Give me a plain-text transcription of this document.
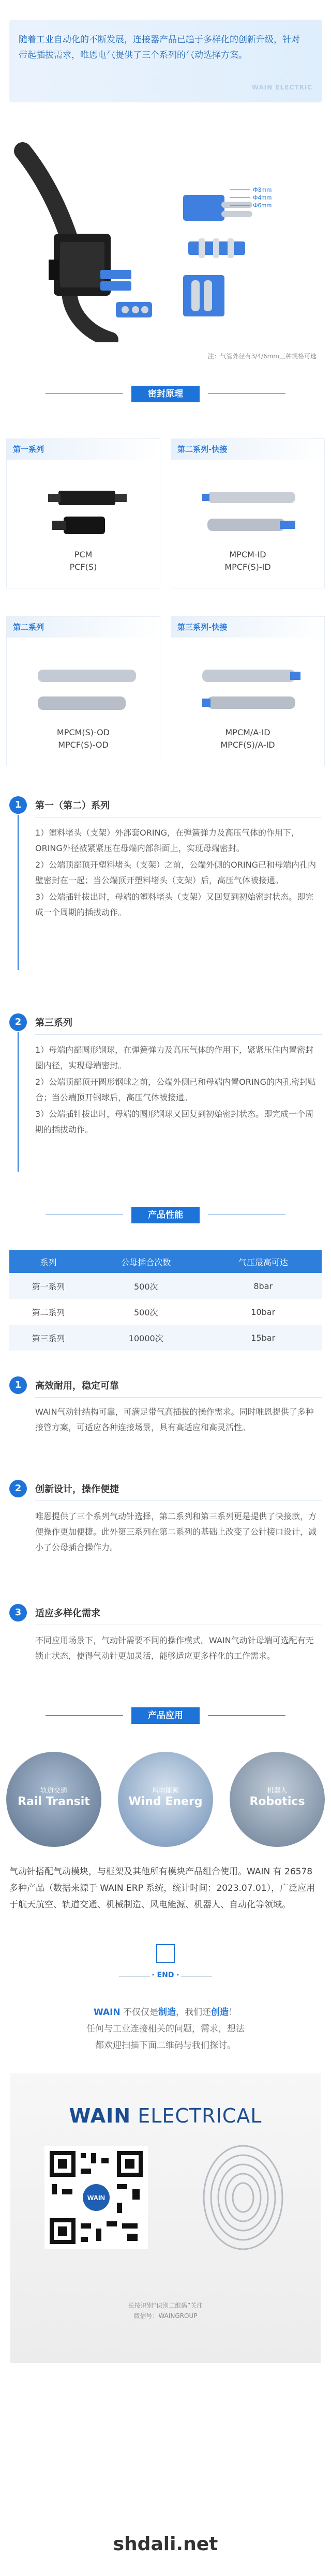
随着工业自动化的不断发展，连接器产品已趋于多样化的创新升级，针对带起插拔需求，唯恩电气提供了三个系列的气动选择方案。
WAIN ELECTRIC
Φ3mm
Φ4mm
Φ6mm
注：气管外径有3/4/6mm三种规格可选
密封原理
第一系列
PCM
PCF(S)
第二系列-快接
MPCM-ID
MPCF(S)-ID
第二系列
MPCM(S)-OD
MPCF(S)-OD
第三系列-快接
MPCM/A-ID
MPCF(S)/A-ID
1	第一（第二）系列

1）塑料堵头（支架）外部套ORING，在弹簧弹力及高压气体的作用下，ORING外径被紧紧压在母端内部斜面上，实现母端密封。

2）公端顶部顶开塑料堵头（支架）之前，公端外侧的ORING已和母端内孔内壁密封在一起；当公端顶开塑料堵头（支架）后，高压气体被接通。

3）公端插针拔出时，母端的塑料堵头（支架）又回复到初始密封状态。即完成一个周期的插拔动作。

2	第三系列

1）母端内部圆形钢球，在弹簧弹力及高压气体的作用下，紧紧压住内置密封圈内径，实现母端密封。

2）公端顶部顶开圆形钢球之前，公端外侧已和母端内置ORING的内孔密封贴合；当公端顶开钢球后，高压气体被接通。

3）公端插针拔出时，母端的圆形钢球又回复到初始密封状态。即完成一个周期的插拔动作。

产品性能
系列	公母插合次数	气压最高可达
第一系列	500次	8bar
第二系列	500次	10bar
第三系列	10000次	15bar
1	高效耐用，稳定可靠
WAIN气动针结构可靠，可满足带气高插拔的操作需求。同时唯恩提供了多种接管方案，可适应各种连接场景，具有高适应和高灵活性。
2	创新设计，操作便捷
唯恩提供了三个系列气动针选择，第二系列和第三系列更是提供了快接款，方便操作更加便捷。此外第三系列在第二系列的基础上改变了公针接口设计，减小了公母插合操作力。
3	适应多样化需求
不同应用场景下，气动针需要不同的操作模式。WAIN气动针母端可选配有无锁止状态，使得气动针更加灵活，能够适应更多样化的工作需求。
产品应用
轨道交通
Rail Transit
风电能源
Wind Energ
机器人
Robotics
气动针搭配气动模块，与框架及其他所有模块产品组合使用。WAIN 有 26578 多种产品（数据来源于 WAIN ERP 系统，统计时间：2023.07.01），广泛应用于航天航空、轨道交通、机械制造、风电能源、机器人、自动化等领域。
· END ·
WAIN 不仅仅是制造，我们还创造！
任何与工业连接相关的问题，需求，想法
都欢迎扫描下面二维码与我们探讨。
WAIN ELECTRICAL
WAIN
长按识别“识别二维码”关注
微信号：WAINGROUP
shdali.net
